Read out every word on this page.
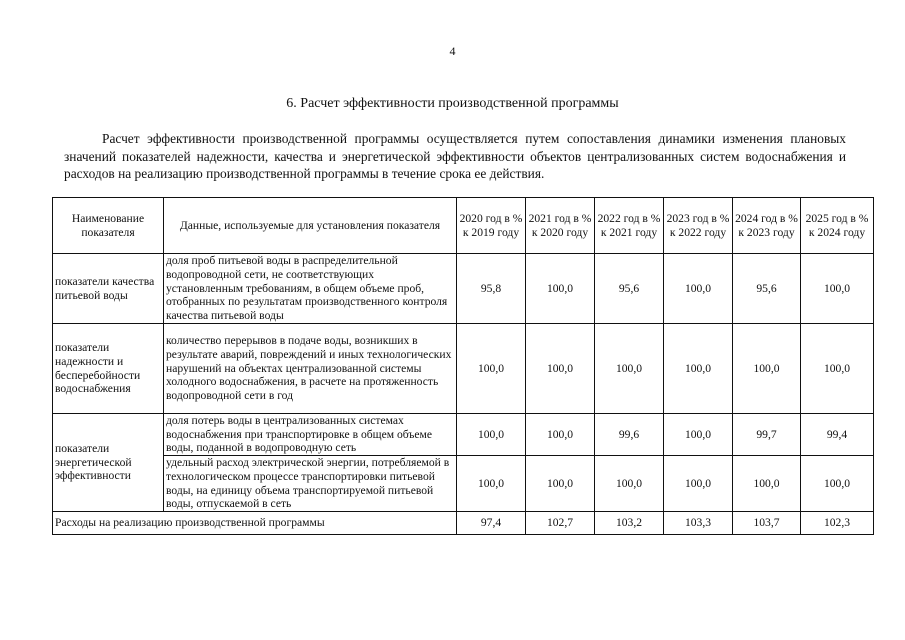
4
6. Расчет эффективности производственной программы
Расчет эффективности производственной программы осуществляется путем сопоставления динамики изменения плановых значений показателей надежности, качества и энергетической эффективности объектов централизованных систем водоснабжения и расходов на реализацию производственной программы в течение срока ее действия.
Наименование показателя	Данные, используемые для установления показателя	2020 год в % к 2019 году	2021 год в % к 2020 году	2022 год в % к 2021 году	2023 год в % к 2022 году	2024 год в % к 2023 году	2025 год в % к 2024 году
показатели качества питьевой воды	доля проб питьевой воды в распределительной водопроводной сети, не соответствующих установленным требованиям, в общем объеме проб, отобранных по результатам производственного контроля качества питьевой воды	95,8	100,0	95,6	100,0	95,6	100,0
показатели надежности и бесперебойности водоснабжения	количество перерывов в подаче воды, возникших в результате аварий, повреждений и иных технологических нарушений на объектах централизованной системы холодного водоснабжения, в расчете на протяженность водопроводной сети в год	100,0	100,0	100,0	100,0	100,0	100,0
показатели энергетической эффективности	доля потерь воды в централизованных системах водоснабжения при транспортировке в общем объеме воды, поданной в водопроводную сеть	100,0	100,0	99,6	100,0	99,7	99,4
	удельный расход электрической энергии, потребляемой в технологическом процессе транспортировки питьевой воды, на единицу объема транспортируемой питьевой воды, отпускаемой в сеть	100,0	100,0	100,0	100,0	100,0	100,0
Расходы на реализацию производственной программы		97,4	102,7	103,2	103,3	103,7	102,3
